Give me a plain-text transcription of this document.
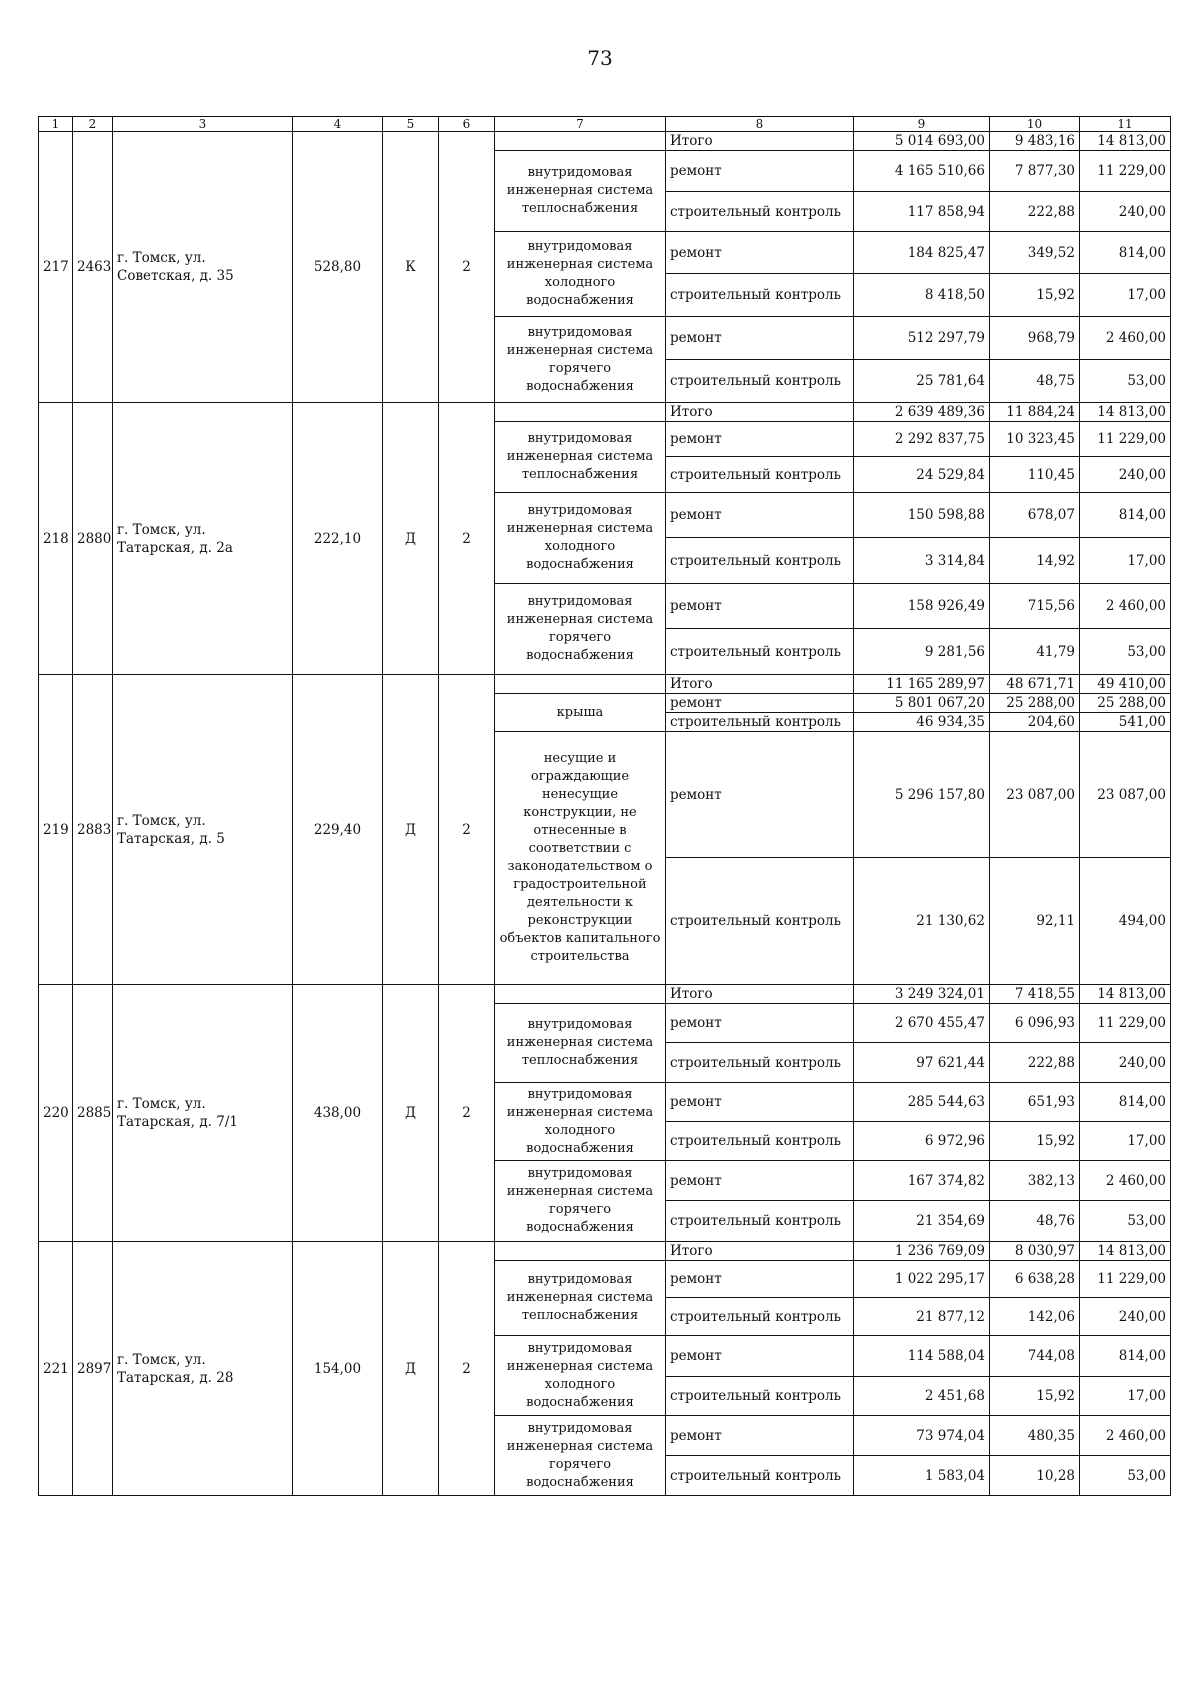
73
1	2	3	4	5	6	7	8	9	10	11
217	2463	г. Томск, ул. Советская, д. 35	528,80	К	2		Итого	5 014 693,00	9 483,16	14 813,00
						внутридомовая инженерная система теплоснабжения	ремонт	4 165 510,66	7 877,30	11 229,00
							строительный контроль	117 858,94	222,88	240,00
						внутридомовая инженерная система холодного водоснабжения	ремонт	184 825,47	349,52	814,00
							строительный контроль	8 418,50	15,92	17,00
						внутридомовая инженерная система горячего водоснабжения	ремонт	512 297,79	968,79	2 460,00
							строительный контроль	25 781,64	48,75	53,00
218	2880	г. Томск, ул. Татарская, д. 2а	222,10	Д	2		Итого	2 639 489,36	11 884,24	14 813,00
						внутридомовая инженерная система теплоснабжения	ремонт	2 292 837,75	10 323,45	11 229,00
							строительный контроль	24 529,84	110,45	240,00
						внутридомовая инженерная система холодного водоснабжения	ремонт	150 598,88	678,07	814,00
							строительный контроль	3 314,84	14,92	17,00
						внутридомовая инженерная система горячего водоснабжения	ремонт	158 926,49	715,56	2 460,00
							строительный контроль	9 281,56	41,79	53,00
219	2883	г. Томск, ул. Татарская, д. 5	229,40	Д	2		Итого	11 165 289,97	48 671,71	49 410,00
						крыша	ремонт	5 801 067,20	25 288,00	25 288,00
							строительный контроль	46 934,35	204,60	541,00
						несущие и ограждающие ненесущие конструкции, не отнесенные в соответствии с законодательством о градостроительной деятельности к реконструкции объектов капитального строительства	ремонт	5 296 157,80	23 087,00	23 087,00
							строительный контроль	21 130,62	92,11	494,00
220	2885	г. Томск, ул. Татарская, д. 7/1	438,00	Д	2		Итого	3 249 324,01	7 418,55	14 813,00
						внутридомовая инженерная система теплоснабжения	ремонт	2 670 455,47	6 096,93	11 229,00
							строительный контроль	97 621,44	222,88	240,00
						внутридомовая инженерная система холодного водоснабжения	ремонт	285 544,63	651,93	814,00
							строительный контроль	6 972,96	15,92	17,00
						внутридомовая инженерная система горячего водоснабжения	ремонт	167 374,82	382,13	2 460,00
							строительный контроль	21 354,69	48,76	53,00
221	2897	г. Томск, ул. Татарская, д. 28	154,00	Д	2		Итого	1 236 769,09	8 030,97	14 813,00
						внутридомовая инженерная система теплоснабжения	ремонт	1 022 295,17	6 638,28	11 229,00
							строительный контроль	21 877,12	142,06	240,00
						внутридомовая инженерная система холодного водоснабжения	ремонт	114 588,04	744,08	814,00
							строительный контроль	2 451,68	15,92	17,00
						внутридомовая инженерная система горячего водоснабжения	ремонт	73 974,04	480,35	2 460,00
							строительный контроль	1 583,04	10,28	53,00
